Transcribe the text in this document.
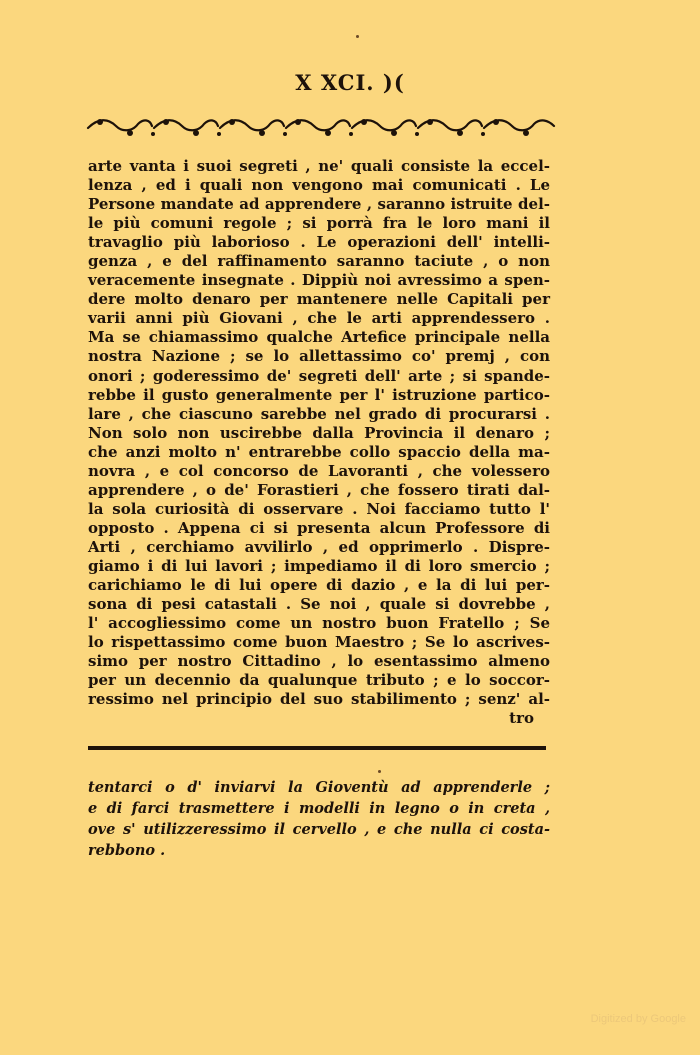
X XCI. )(
arte vanta i suoi segreti , ne' quali consiste la eccel-
lenza , ed i quali non vengono mai comunicati . Le
Persone mandate ad apprendere , saranno istruite del-
le più comuni regole ; si porrà fra le loro mani il
travaglio più laborioso . Le operazioni dell' intelli-
genza , e del raffinamento saranno taciute , o non
veracemente insegnate . Dippiù noi avressimo a spen-
dere molto denaro per mantenere nelle Capitali per
varii anni più Giovani , che le arti apprendessero .
Ma se chiamassimo qualche Artefice principale nella
nostra Nazione ; se lo allettassimo co' premj , con
onori ; goderessimo de' segreti dell' arte ; si spande-
rebbe il gusto generalmente per l' istruzione partico-
lare , che ciascuno sarebbe nel grado di procurarsi .
Non solo non uscirebbe dalla Provincia il denaro ;
che anzi molto n' entrarebbe collo spaccio della ma-
novra , e col concorso de Lavoranti , che volessero
apprendere , o de' Forastieri , che fossero tirati dal-
la sola curiosità di osservare . Noi facciamo tutto l'
opposto . Appena ci si presenta alcun Professore di
Arti , cerchiamo avvilirlo , ed opprimerlo . Dispre-
giamo i di lui lavori ; impediamo il di loro smercio ;
carichiamo le di lui opere di dazio , e la di lui per-
sona di pesi catastali . Se noi , quale si dovrebbe ,
l' accogliessimo come un nostro buon Fratello ; Se
lo rispettassimo come buon Maestro ; Se lo ascrives-
simo per nostro Cittadino , lo esentassimo almeno
per un decennio da qualunque tributo ; e lo soccor-
ressimo nel principio del suo stabilimento ; senz' al-
tro
tentarci o d' inviarvi la Gioventù ad apprenderle ;
e di farci trasmettere i modelli in legno o in creta ,
ove s' utilizzeressimo il cervello , e che nulla ci costa-
rebbono .
Digitized by Google
